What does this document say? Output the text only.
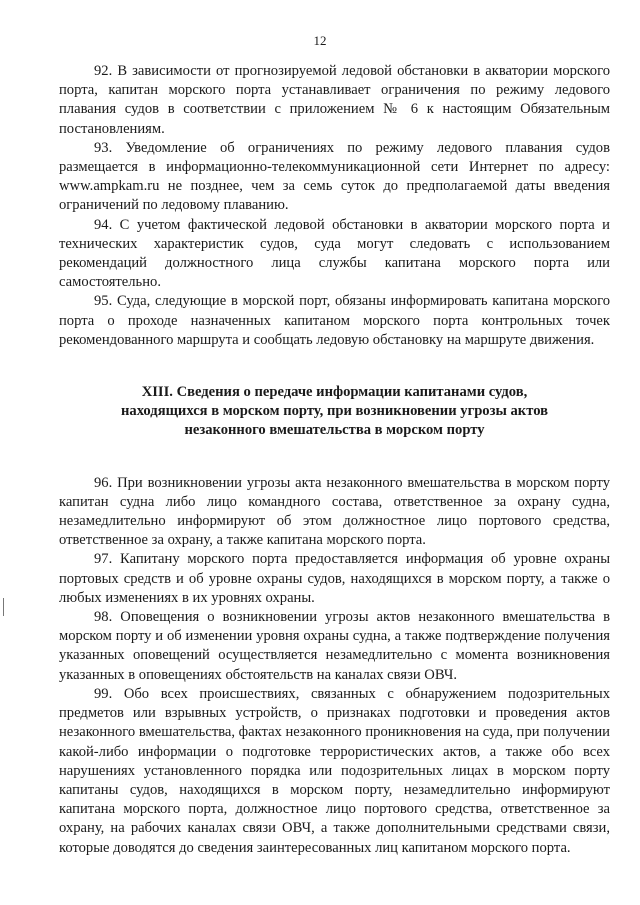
12

92. В зависимости от прогнозируемой ледовой обстановки в акватории морского порта, капитан морского порта устанавливает ограничения по режиму ледового плавания судов в соответствии с приложением № 6 к настоящим Обязательным постановлениям.

93. Уведомление об ограничениях по режиму ледового плавания судов размещается в информационно-телекоммуникационной сети Интернет по адресу: www.ampkam.ru не позднее, чем за семь суток до предполагаемой даты введения ограничений по ледовому плаванию.

94. С учетом фактической ледовой обстановки в акватории морского порта и технических характеристик судов, суда могут следовать с использованием рекомендаций должностного лица службы капитана морского порта или самостоятельно.

95. Суда, следующие в морской порт, обязаны информировать капитана морского порта о проходе назначенных капитаном морского порта контрольных точек рекомендованного маршрута и сообщать ледовую обстановку на маршруте движения.

XIII. Сведения о передаче информации капитанами судов,
находящихся в морском порту, при возникновении угрозы актов
незаконного вмешательства в морском порту

96. При возникновении угрозы акта незаконного вмешательства в морском порту капитан судна либо лицо командного состава, ответственное за охрану судна, незамедлительно информируют об этом должностное лицо портового средства, ответственное за охрану, а также капитана морского порта.

97. Капитану морского порта предоставляется информация об уровне охраны портовых средств и об уровне охраны судов, находящихся в морском порту, а также о любых изменениях в их уровнях охраны.

98. Оповещения о возникновении угрозы актов незаконного вмешательства в морском порту и об изменении уровня охраны судна, а также подтверждение получения указанных оповещений осуществляется незамедлительно с момента возникновения указанных в оповещениях обстоятельств на каналах связи ОВЧ.

99. Обо всех происшествиях, связанных с обнаружением подозрительных предметов или взрывных устройств, о признаках подготовки и проведения актов незаконного вмешательства, фактах незаконного проникновения на суда, при получении какой-либо информации о подготовке террористических актов, а также обо всех нарушениях установленного порядка или подозрительных лицах в морском порту капитаны судов, находящихся в морском порту, незамедлительно информируют капитана морского порта, должностное лицо портового средства, ответственное за охрану, на рабочих каналах связи ОВЧ, а также дополнительными средствами связи, которые доводятся до сведения заинтересованных лиц капитаном морского порта.
